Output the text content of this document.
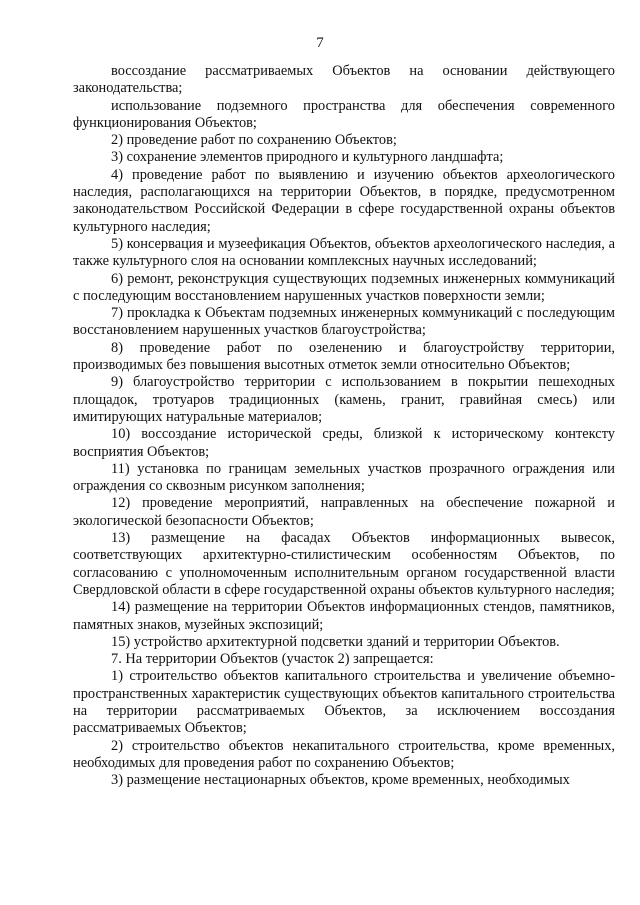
7

воссоздание рассматриваемых Объектов на основании действующего законодательства;

использование подземного пространства для обеспечения современного функционирования Объектов;

2) проведение работ по сохранению Объектов;

3) сохранение элементов природного и культурного ландшафта;

4) проведение работ по выявлению и изучению объектов археологического наследия, располагающихся на территории Объектов, в порядке, предусмотренном законодательством Российской Федерации в сфере государственной охраны объектов культурного наследия;

5) консервация и музеефикация Объектов, объектов археологического наследия, а также культурного слоя на основании комплексных научных исследований;

6) ремонт, реконструкция существующих подземных инженерных коммуникаций с последующим восстановлением нарушенных участков поверхности земли;

7) прокладка к Объектам подземных инженерных коммуникаций с последующим восстановлением нарушенных участков благоустройства;

8) проведение работ по озеленению и благоустройству территории, производимых без повышения высотных отметок земли относительно Объектов;

9) благоустройство территории с использованием в покрытии пешеходных площадок, тротуаров традиционных (камень, гранит, гравийная смесь) или имитирующих натуральные материалов;

10) воссоздание исторической среды, близкой к историческому контексту восприятия Объектов;

11) установка по границам земельных участков прозрачного ограждения или ограждения со сквозным рисунком заполнения;

12) проведение мероприятий, направленных на обеспечение пожарной и экологической безопасности Объектов;

13) размещение на фасадах Объектов информационных вывесок, соответствующих архитектурно-стилистическим особенностям Объектов, по согласованию с уполномоченным исполнительным органом государственной власти Свердловской области в сфере государственной охраны объектов культурного наследия;

14) размещение на территории Объектов информационных стендов, памятников, памятных знаков, музейных экспозиций;

15) устройство архитектурной подсветки зданий и территории Объектов.

7. На территории Объектов (участок 2) запрещается:

1) строительство объектов капитального строительства и увеличение объемно-пространственных характеристик существующих объектов капитального строительства на территории рассматриваемых Объектов, за исключением воссоздания рассматриваемых Объектов;

2) строительство объектов некапитального строительства, кроме временных, необходимых для проведения работ по сохранению Объектов;

3) размещение нестационарных объектов, кроме временных, необходимых
